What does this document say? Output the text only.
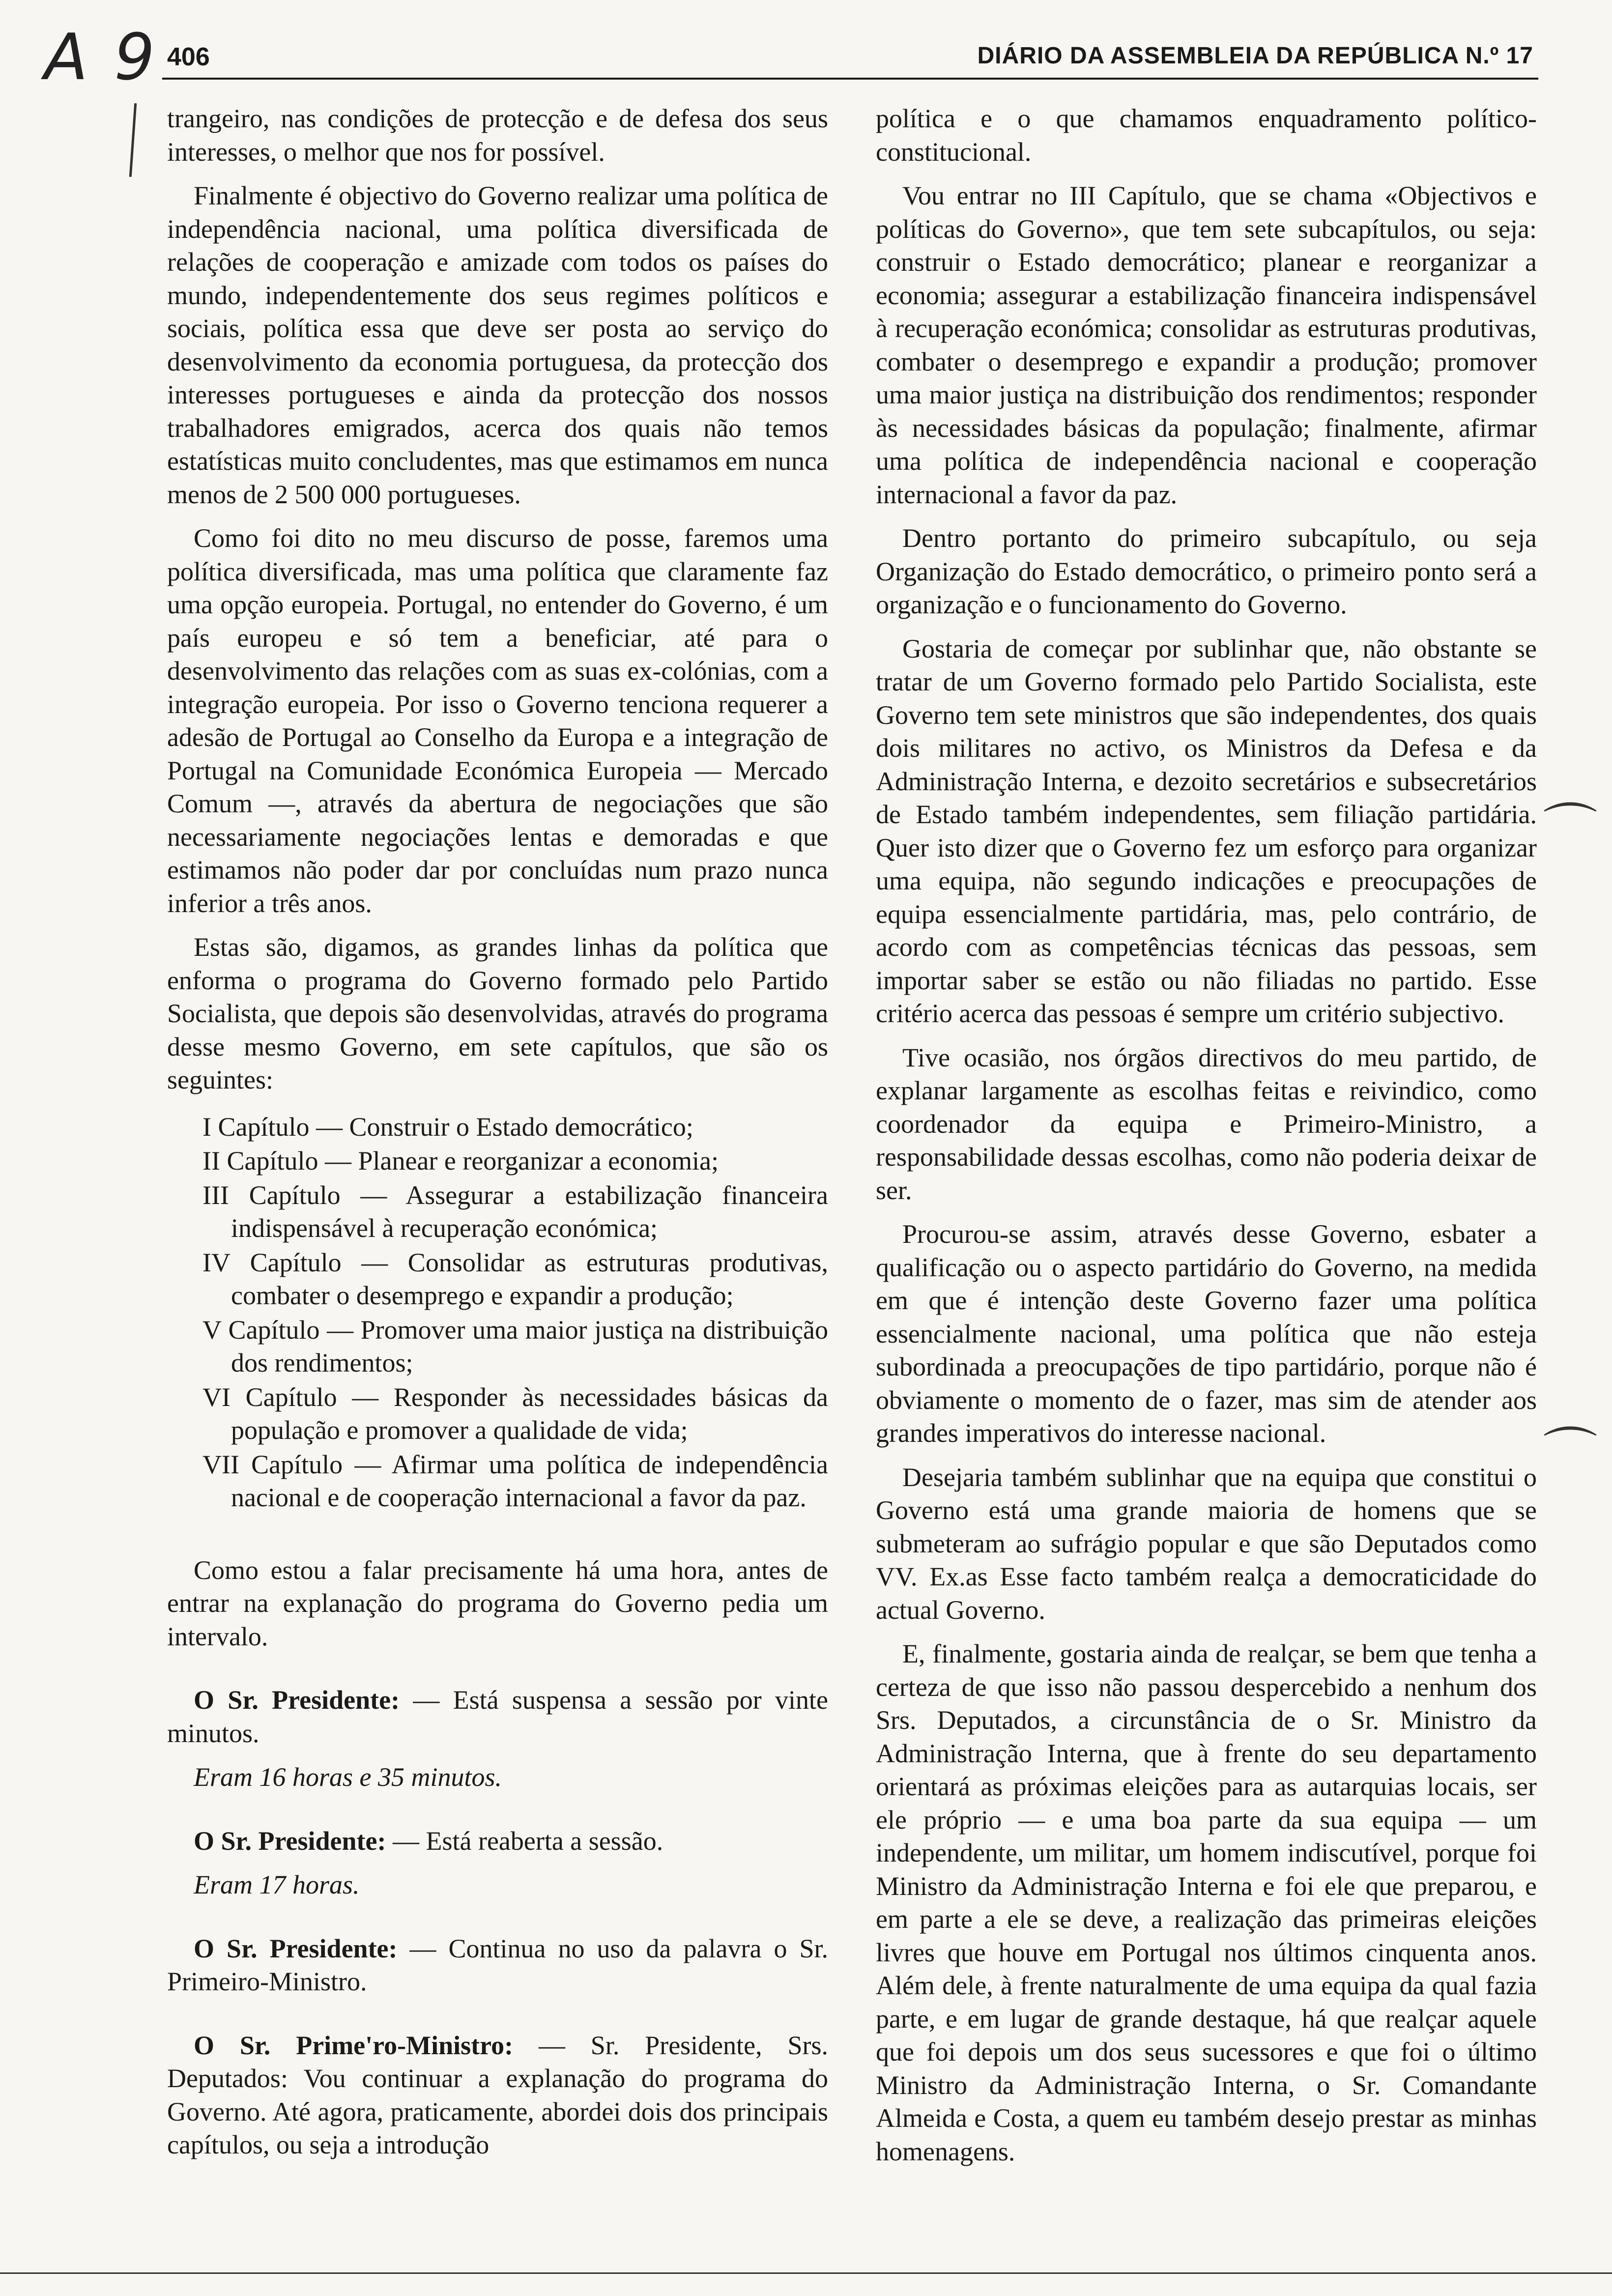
A 9
⌒
⌒
406	DIÁRIO DA ASSEMBLEIA DA REPÚBLICA N.º 17

trangeiro, nas condições de protecção e de defesa dos seus interesses, o melhor que nos for possível.

Finalmente é objectivo do Governo realizar uma política de independência nacional, uma política diversificada de relações de cooperação e amizade com todos os países do mundo, independentemente dos seus regimes políticos e sociais, política essa que deve ser posta ao serviço do desenvolvimento da economia portuguesa, da protecção dos interesses portugueses e ainda da protecção dos nossos trabalhadores emigrados, acerca dos quais não temos estatísticas muito concludentes, mas que estimamos em nunca menos de 2 500 000 portugueses.

Como foi dito no meu discurso de posse, faremos uma política diversificada, mas uma política que claramente faz uma opção europeia. Portugal, no entender do Governo, é um país europeu e só tem a beneficiar, até para o desenvolvimento das relações com as suas ex-colónias, com a integração europeia. Por isso o Governo tenciona requerer a adesão de Portugal ao Conselho da Europa e a integração de Portugal na Comunidade Económica Europeia — Mercado Comum —, através da abertura de negociações que são necessariamente negociações lentas e demoradas e que estimamos não poder dar por concluídas num prazo nunca inferior a três anos.

Estas são, digamos, as grandes linhas da política que enforma o programa do Governo formado pelo Partido Socialista, que depois são desenvolvidas, através do programa desse mesmo Governo, em sete capítulos, que são os seguintes:

I Capítulo — Construir o Estado democrático;
II Capítulo — Planear e reorganizar a economia;
III Capítulo — Assegurar a estabilização financeira indispensável à recuperação económica;
IV Capítulo — Consolidar as estruturas produtivas, combater o desemprego e expandir a produção;
V Capítulo — Promover uma maior justiça na distribuição dos rendimentos;
VI Capítulo — Responder às necessidades básicas da população e promover a qualidade de vida;
VII Capítulo — Afirmar uma política de independência nacional e de cooperação internacional a favor da paz.

Como estou a falar precisamente há uma hora, antes de entrar na explanação do programa do Governo pedia um intervalo.

O Sr. Presidente: — Está suspensa a sessão por vinte minutos.

Eram 16 horas e 35 minutos.

O Sr. Presidente: — Está reaberta a sessão.

Eram 17 horas.

O Sr. Presidente: — Continua no uso da palavra o Sr. Primeiro-Ministro.

O Sr. Prime'ro-Ministro: — Sr. Presidente, Srs. Deputados: Vou continuar a explanação do programa do Governo. Até agora, praticamente, abordei dois dos principais capítulos, ou seja a introdução

política e o que chamamos enquadramento político-constitucional.

Vou entrar no III Capítulo, que se chama «Objectivos e políticas do Governo», que tem sete subcapítulos, ou seja: construir o Estado democrático; planear e reorganizar a economia; assegurar a estabilização financeira indispensável à recuperação económica; consolidar as estruturas produtivas, combater o desemprego e expandir a produção; promover uma maior justiça na distribuição dos rendimentos; responder às necessidades básicas da população; finalmente, afirmar uma política de independência nacional e cooperação internacional a favor da paz.

Dentro portanto do primeiro subcapítulo, ou seja Organização do Estado democrático, o primeiro ponto será a organização e o funcionamento do Governo.

Gostaria de começar por sublinhar que, não obstante se tratar de um Governo formado pelo Partido Socialista, este Governo tem sete ministros que são independentes, dos quais dois militares no activo, os Ministros da Defesa e da Administração Interna, e dezoito secretários e subsecretários de Estado também independentes, sem filiação partidária. Quer isto dizer que o Governo fez um esforço para organizar uma equipa, não segundo indicações e preocupações de equipa essencialmente partidária, mas, pelo contrário, de acordo com as competências técnicas das pessoas, sem importar saber se estão ou não filiadas no partido. Esse critério acerca das pessoas é sempre um critério subjectivo.

Tive ocasião, nos órgãos directivos do meu partido, de explanar largamente as escolhas feitas e reivindico, como coordenador da equipa e Primeiro-Ministro, a responsabilidade dessas escolhas, como não poderia deixar de ser.

Procurou-se assim, através desse Governo, esbater a qualificação ou o aspecto partidário do Governo, na medida em que é intenção deste Governo fazer uma política essencialmente nacional, uma política que não esteja subordinada a preocupações de tipo partidário, porque não é obviamente o momento de o fazer, mas sim de atender aos grandes imperativos do interesse nacional.

Desejaria também sublinhar que na equipa que constitui o Governo está uma grande maioria de homens que se submeteram ao sufrágio popular e que são Deputados como VV. Ex.as Esse facto também realça a democraticidade do actual Governo.

E, finalmente, gostaria ainda de realçar, se bem que tenha a certeza de que isso não passou despercebido a nenhum dos Srs. Deputados, a circunstância de o Sr. Ministro da Administração Interna, que à frente do seu departamento orientará as próximas eleições para as autarquias locais, ser ele próprio — e uma boa parte da sua equipa — um independente, um militar, um homem indiscutível, porque foi Ministro da Administração Interna e foi ele que preparou, e em parte a ele se deve, a realização das primeiras eleições livres que houve em Portugal nos últimos cinquenta anos. Além dele, à frente naturalmente de uma equipa da qual fazia parte, e em lugar de grande destaque, há que realçar aquele que foi depois um dos seus sucessores e que foi o último Ministro da Administração Interna, o Sr. Comandante Almeida e Costa, a quem eu também desejo prestar as minhas homenagens.
